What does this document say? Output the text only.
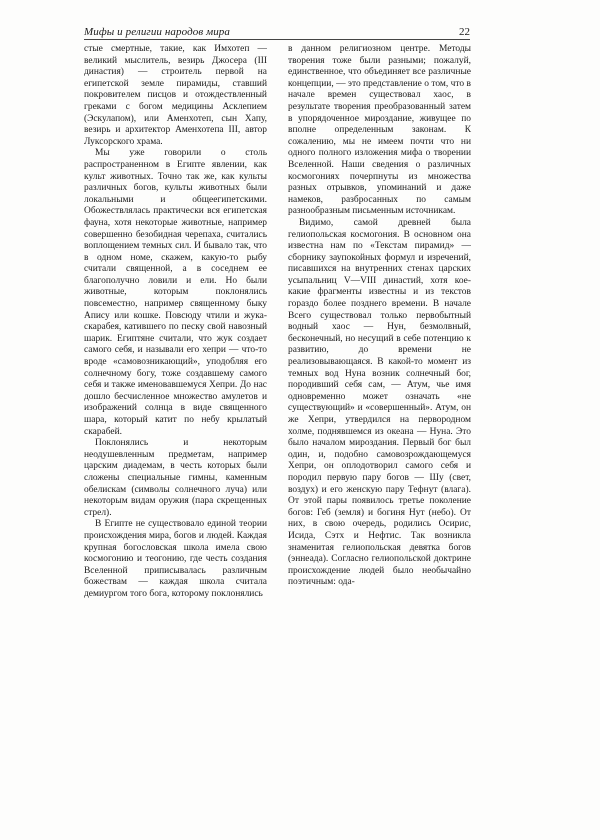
Мифы и религии народов мира	22

стые смертные, такие, как Имхотеп — великий мыслитель, везирь Джосера (III династия) — строитель первой на египетской земле пирамиды, ставший покровителем писцов и отождествленный греками с богом медицины Асклепием (Эскулапом), или Аменхотеп, сын Хапу, везирь и архитектор Аменхотепа III, автор Луксорского храма.

Мы уже говорили о столь распространенном в Египте явлении, как культ животных. Точно так же, как культы различных богов, культы животных были локальными и общеегипетскими. Обожествлялась практически вся египетская фауна, хотя некоторые животные, например совершенно безобидная черепаха, считались воплощением темных сил. И бывало так, что в одном номе, скажем, какую-то рыбу считали священной, а в соседнем ее благополучно ловили и ели. Но были животные, которым поклонялись повсеместно, например священному быку Апису или кошке. Повсюду чтили и жука-скарабея, катившего по песку свой навозный шарик. Египтяне считали, что жук создает самого себя, и называли его хепри — что-то вроде «самовозникающий», уподобляя его солнечному богу, тоже создавшему самого себя и также именовавшемуся Хепри. До нас дошло бесчисленное множество амулетов и изображений солнца в виде священного шара, который катит по небу крылатый скарабей.

Поклонялись и некоторым неодушевленным предметам, например царским диадемам, в честь которых были сложены специальные гимны, каменным обелискам (символы солнечного луча) или некоторым видам оружия (пара скрещенных стрел).

В Египте не существовало единой теории происхождения мира, богов и людей. Каждая крупная богословская школа имела свою космогонию и теогонию, где честь создания Вселенной приписывалась различным божествам — каждая школа считала демиургом того бога, которому поклонялись

в данном религиозном центре. Методы творения тоже были разными; пожалуй, единственное, что объединяет все различные концепции, — это представление о том, что в начале времен существовал хаос, в результате творения преобразованный затем в упорядоченное мироздание, живущее по вполне определенным законам. К сожалению, мы не имеем почти что ни одного полного изложения мифа о творении Вселенной. Наши сведения о различных космогониях почерпнуты из множества разных отрывков, упоминаний и даже намеков, разбросанных по самым разнообразным письменным источникам.

Видимо, самой древней была гелиопольская космогония. В основном она известна нам по «Текстам пирамид» — сборнику заупокойных формул и изречений, писавшихся на внутренних стенах царских усыпальниц V—VIII династий, хотя кое-какие фрагменты известны и из текстов гораздо более позднего времени. В начале Всего существовал только первобытный водный хаос — Нун, безмолвный, бесконечный, но несущий в себе потенцию к развитию, до времени не реализовывающаяся. В какой-то момент из темных вод Нуна возник солнечный бог, породивший себя сам, — Атум, чье имя одновременно может означать «не существующий» и «совершенный». Атум, он же Хепри, утвердился на первородном холме, поднявшемся из океана — Нуна. Это было началом мироздания. Первый бог был один, и, подобно самовозрождающемуся Хепри, он оплодотворил самого себя и породил первую пару богов — Шу (свет, воздух) и его женскую пару Тефнут (влага). От этой пары появилось третье поколение богов: Геб (земля) и богиня Нут (небо). От них, в свою очередь, родились Осирис, Исида, Сэтх и Нефтис. Так возникла знаменитая гелиопольская девятка богов (эннеада). Согласно гелиопольской доктрине происхождение людей было необычайно поэтичным: ода-
